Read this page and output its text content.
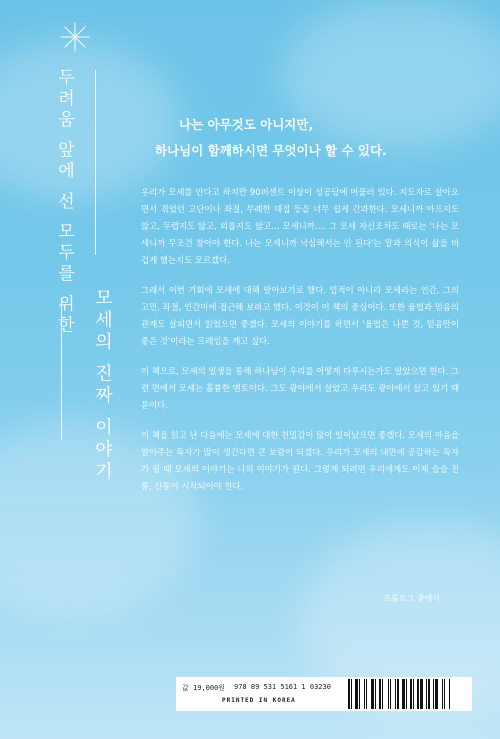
두려움 앞에 선 모두를 위한
모세의 진짜 이야기
나는 아무것도 아니지만,
하나님이 함께하시면 무엇이나 할 수 있다.

우리가 모세를 안다고 하지만 90퍼센트 이상이 성공담에 머물러 있다. 지도자로 살아오면서 겪었던 고단이나 좌절, 무례한 대접 등을 너무 쉽게 간과한다. 모세니까 아프지도 않고, 두렵지도 않고, 외롭지도 않고… 모세니까…. 그 모세 자신조차도 때로는 '나는 모세니까 무조건 참아야 한다. 나는 모세니까 낙심해서는 안 된다'는 말과 의식이 삶을 버겁게 했는지도 모르겠다.

그래서 이번 기회에 모세에 대해 알아보기로 했다. 업적이 아니라 모세라는 인간, 그의 고민, 좌절, 인간미에 접근해 보려고 했다. 이것이 이 책의 중심이다. 또한 율법과 믿음의 관계도 살피면서 읽었으면 좋겠다. 모세의 이야기를 하면서 '율법은 나쁜 것, 믿음만이 좋은 것'이라는 프레임을 깨고 싶다.

이 책으로, 모세의 일생을 통해 하나님이 우리를 어떻게 다루시는가도 알았으면 한다. 그런 면에서 모세는 훌륭한 멘토이다. 그도 광야에서 살았고 우리도 광야에서 살고 있기 때문이다.

이 책을 읽고 난 다음에는 모세에 대한 친밀감이 많이 일어났으면 좋겠다. 모세의 마음을 알아주는 독자가 많이 생긴다면 큰 보람이 되겠다. 우리가 모세의 내면에 공감하는 독자가 될 때 모세의 이야기는 나의 이야기가 된다. 그렇게 되려면 우리에게도 이제 슬슬 진통, 산통이 시작되어야 한다.

프롤로그 중에서
값 19,000원 978 89 531 5161 1 03230
PRINTED IN KOREA
